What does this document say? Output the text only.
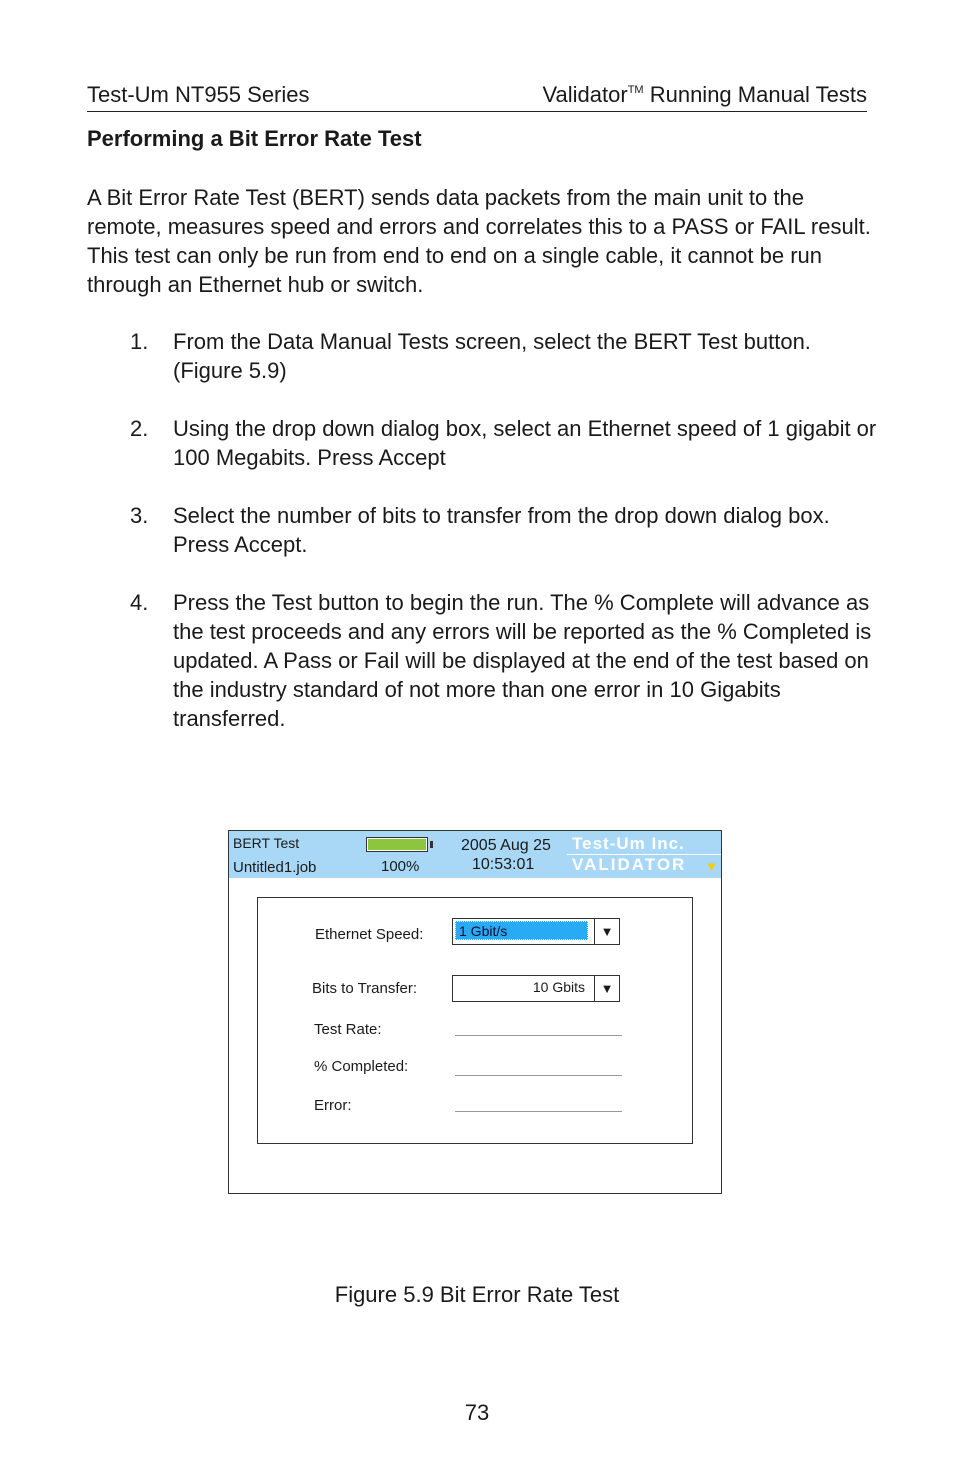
Test-Um NT955 Series	Validator™ Running Manual Tests
Performing a Bit Error Rate Test
A Bit Error Rate Test (BERT) sends data packets from the main unit to the remote, measures speed and errors and correlates this to a PASS or FAIL result. This test can only be run from end to end on a single cable, it cannot be run through an Ethernet hub or switch.
1. From the Data Manual Tests screen, select the BERT Test button. (Figure 5.9)
2. Using the drop down dialog box, select an Ethernet speed of 1 gigabit or 100 Megabits. Press Accept
3. Select the number of bits to transfer from the drop down dialog box. Press Accept.
4. Press the Test button to begin the run. The % Complete will advance as the test proceeds and any errors will be reported as the % Completed is updated. A Pass or Fail will be displayed at the end of the test based on the industry standard of not more than one error in 10 Gigabits transferred.
BERT Test
Untitled1.job	100%
2005 Aug 25
10:53:01
Test-Um Inc.
VALIDATOR ▼
Ethernet Speed:	1 Gbit/s	▼
Bits to Transfer:	10 Gbits	▼
Test Rate:
% Completed:
Error:
Figure 5.9 Bit Error Rate Test
73
